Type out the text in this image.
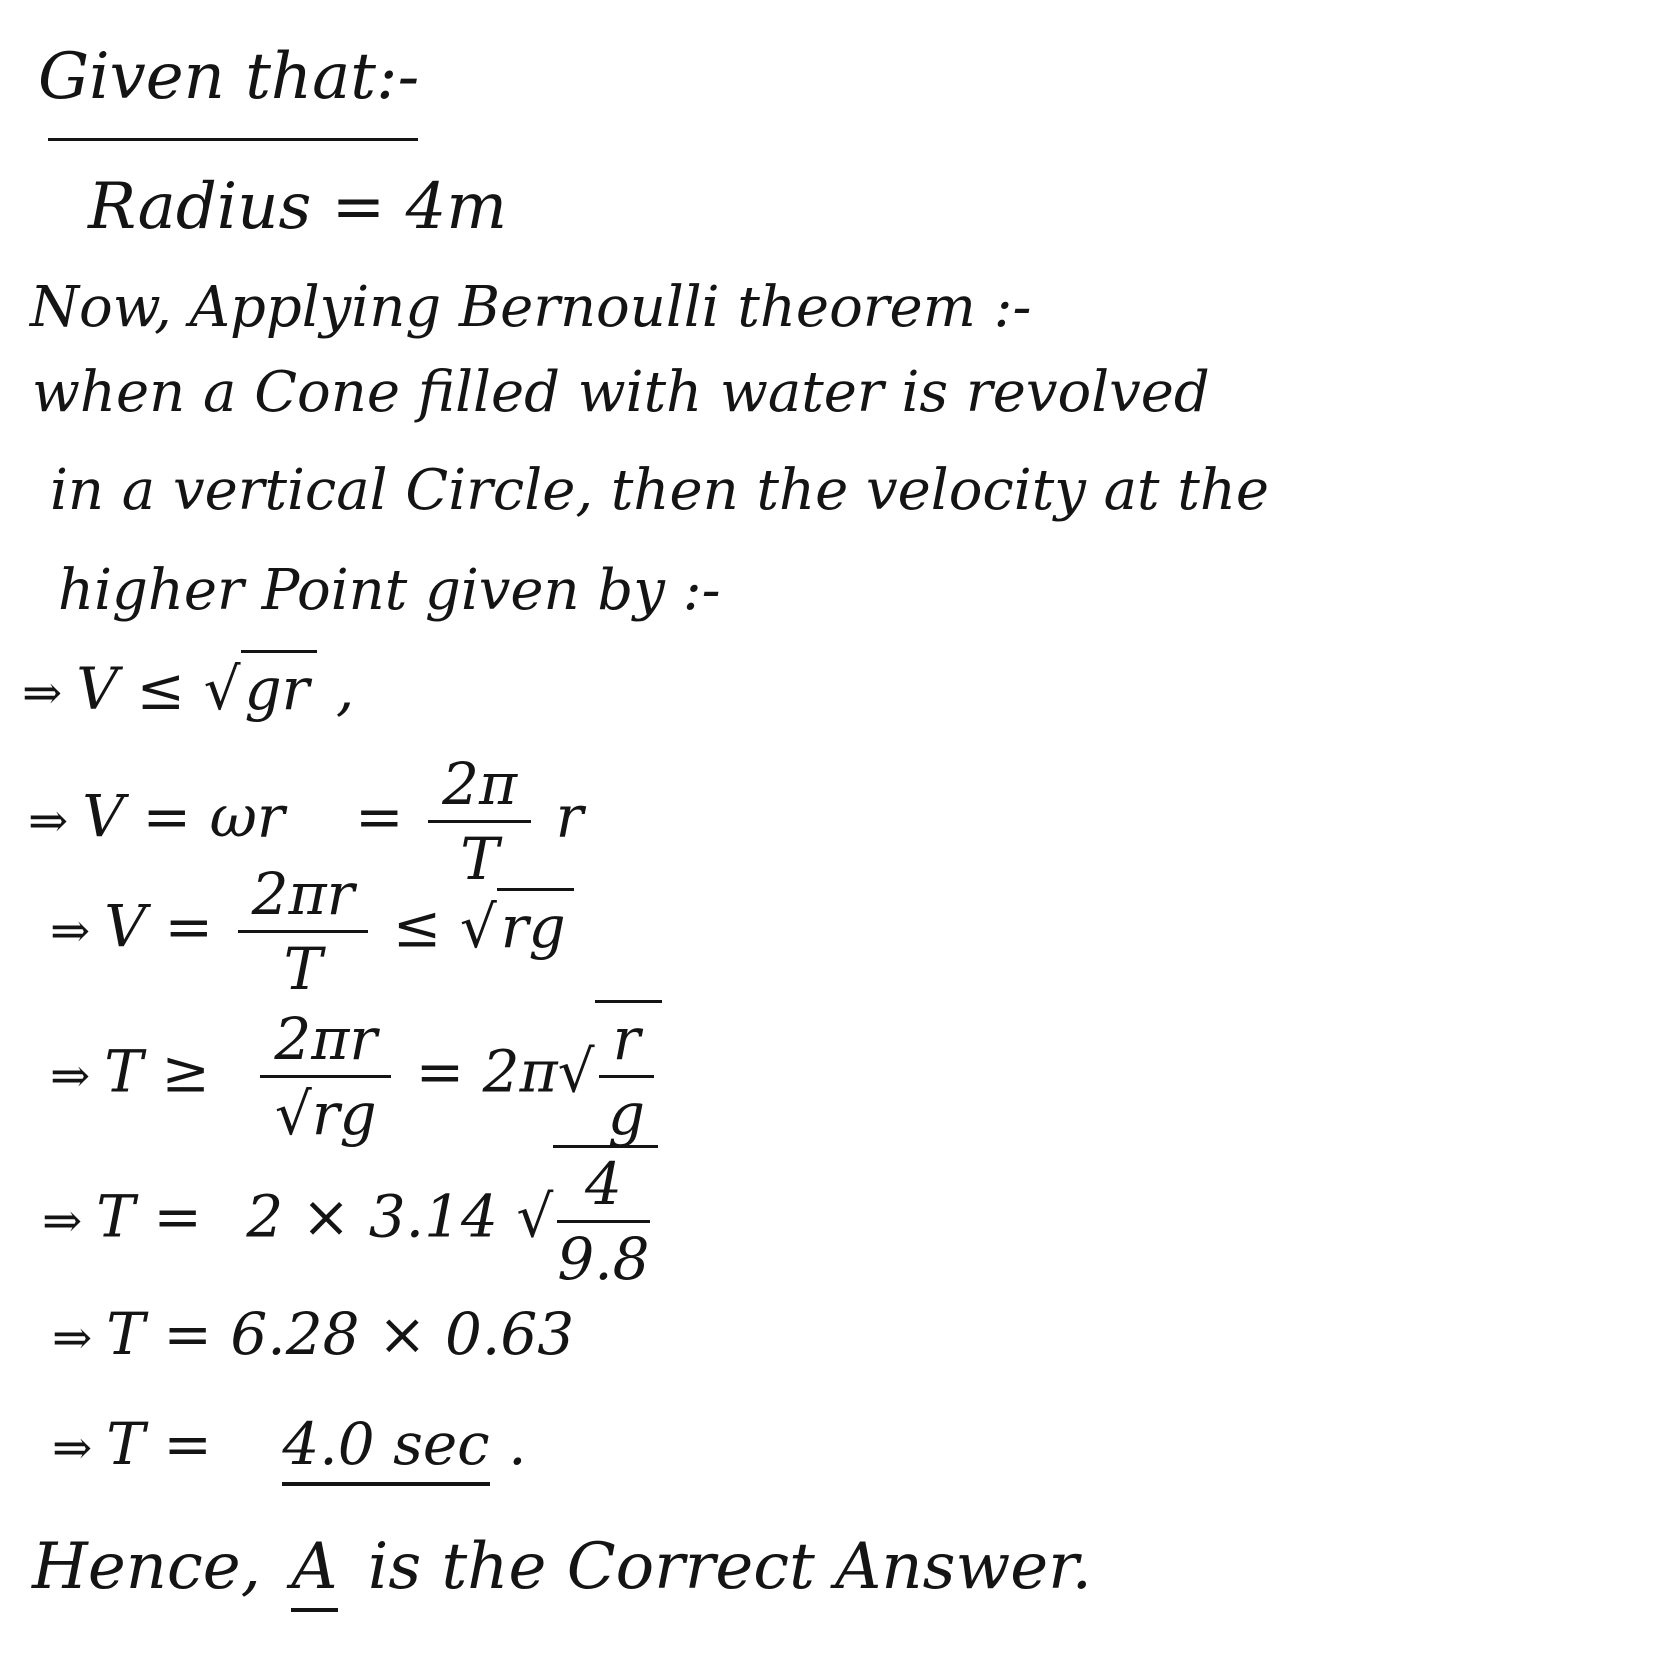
Given that:-
Radius = 4m
Now, Applying Bernoulli theorem :-
when a Cone filled with water is revolved
in a vertical Circle, then the velocity at the
higher Point given by :-
⇒ V ≤ √gr ,
⇒ $V = \omega r = \frac{2\pi}{T}$ r
⇒ $V = \frac{2\pi r}{T} \le √rg$
⇒ $T \ge \frac{2\pi r}{√rg} = 2\pi√ \frac{r}{g}$
⇒ T = 2 × 3.14 √ $\frac{4}{9.8}$
⇒ T = 6.28 × 0.63
⇒ T = 4.0 sec .
Hence, A is the Correct Answer.
